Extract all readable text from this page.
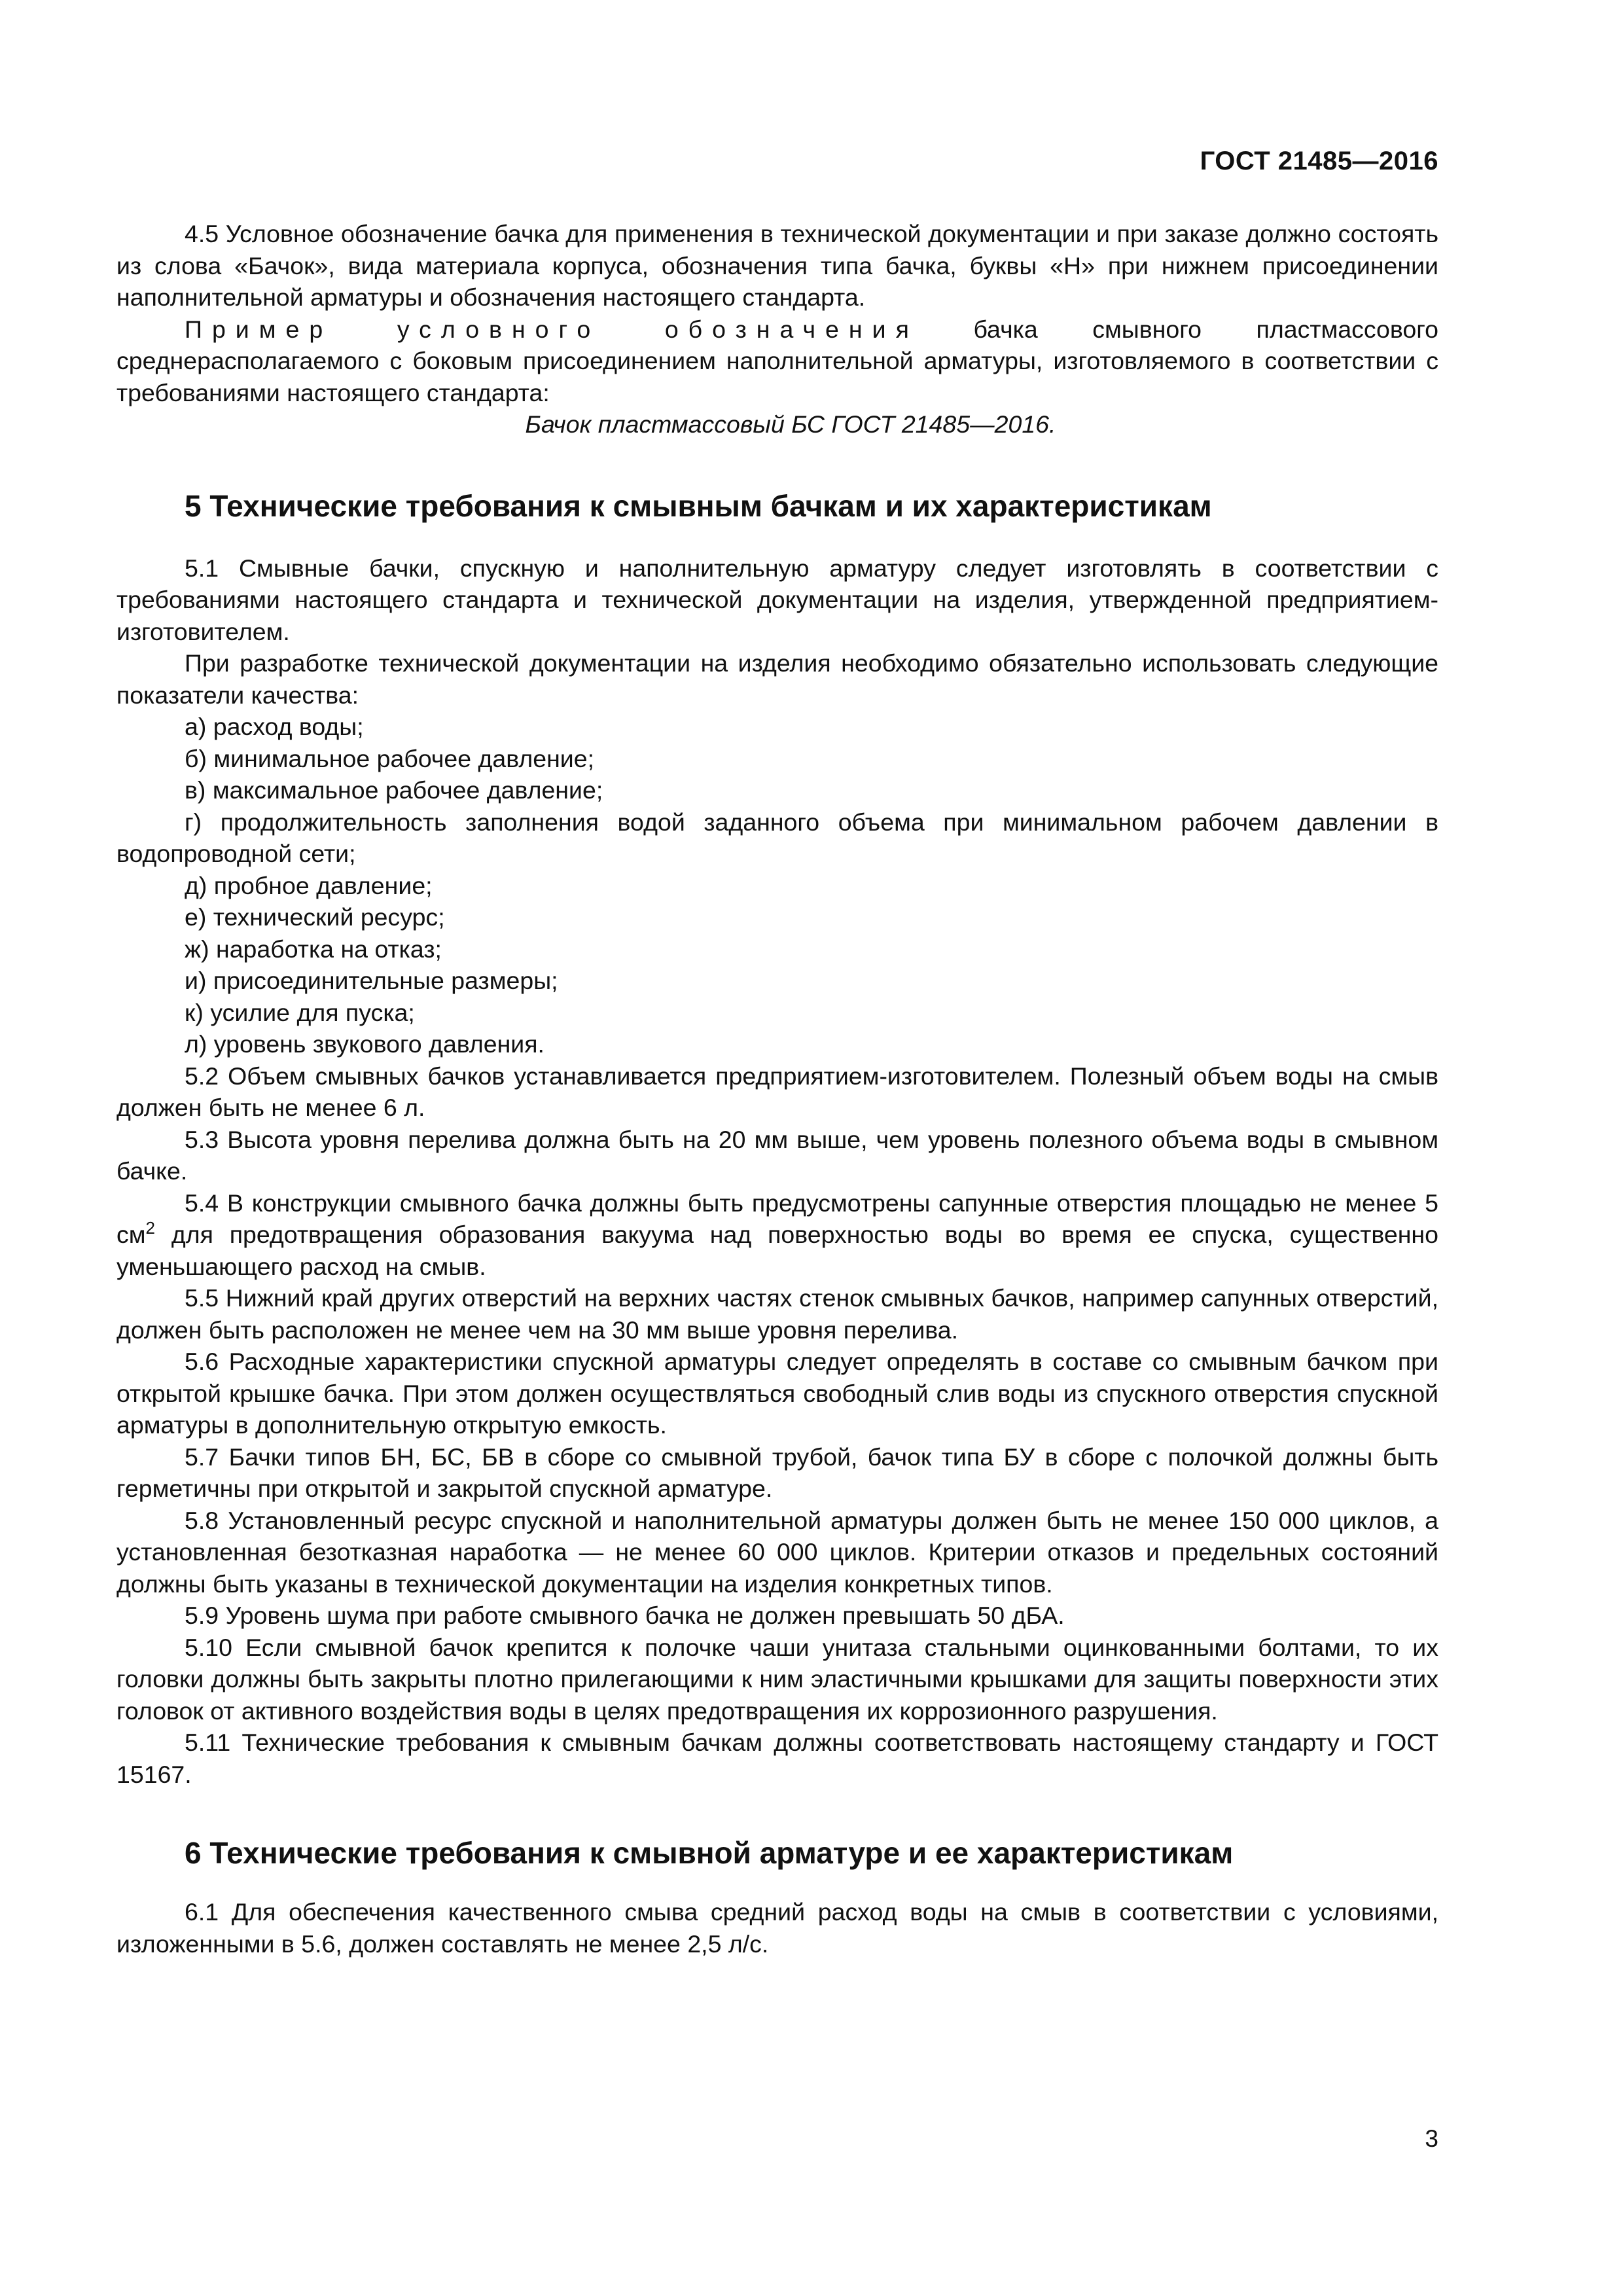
ГОСТ 21485—2016

4.5 Условное обозначение бачка для применения в технической документации и при заказе должно состоять из слова «Бачок», вида материала корпуса, обозначения типа бачка, буквы «Н» при нижнем присоединении наполнительной арматуры и обозначения настоящего стандарта.

Пример условного обозначения бачка смывного пластмассового среднерасполагаемого с боковым присоединением наполнительной арматуры, изготовляемого в соответствии с требованиями настоящего стандарта:

Бачок пластмассовый БС ГОСТ 21485—2016.

5 Технические требования к смывным бачкам и их характеристикам

5.1 Смывные бачки, спускную и наполнительную арматуру следует изготовлять в соответствии с требованиями настоящего стандарта и технической документации на изделия, утвержденной предприятием-изготовителем.

При разработке технической документации на изделия необходимо обязательно использовать следующие показатели качества:

а) расход воды;

б) минимальное рабочее давление;

в) максимальное рабочее давление;

г) продолжительность заполнения водой заданного объема при минимальном рабочем давлении в водопроводной сети;

д) пробное давление;

е) технический ресурс;

ж) наработка на отказ;

и) присоединительные размеры;

к) усилие для пуска;

л) уровень звукового давления.

5.2 Объем смывных бачков устанавливается предприятием-изготовителем. Полезный объем воды на смыв должен быть не менее 6 л.

5.3 Высота уровня перелива должна быть на 20 мм выше, чем уровень полезного объема воды в смывном бачке.

5.4 В конструкции смывного бачка должны быть предусмотрены сапунные отверстия площадью не менее 5 $см^2$ для предотвращения образования вакуума над поверхностью воды во время ее спуска, существенно уменьшающего расход на смыв.

5.5 Нижний край других отверстий на верхних частях стенок смывных бачков, например сапунных отверстий, должен быть расположен не менее чем на 30 мм выше уровня перелива.

5.6 Расходные характеристики спускной арматуры следует определять в составе со смывным бачком при открытой крышке бачка. При этом должен осуществляться свободный слив воды из спускного отверстия спускной арматуры в дополнительную открытую емкость.

5.7 Бачки типов БН, БС, БВ в сборе со смывной трубой, бачок типа БУ в сборе с полочкой должны быть герметичны при открытой и закрытой спускной арматуре.

5.8 Установленный ресурс спускной и наполнительной арматуры должен быть не менее 150 000 циклов, а установленная безотказная наработка — не менее 60 000 циклов. Критерии отказов и предельных состояний должны быть указаны в технической документации на изделия конкретных типов.

5.9 Уровень шума при работе смывного бачка не должен превышать 50 дБА.

5.10 Если смывной бачок крепится к полочке чаши унитаза стальными оцинкованными болтами, то их головки должны быть закрыты плотно прилегающими к ним эластичными крышками для защиты поверхности этих головок от активного воздействия воды в целях предотвращения их коррозионного разрушения.

5.11 Технические требования к смывным бачкам должны соответствовать настоящему стандарту и ГОСТ 15167.

6 Технические требования к смывной арматуре и ее характеристикам

6.1 Для обеспечения качественного смыва средний расход воды на смыв в соответствии с условиями, изложенными в 5.6, должен составлять не менее 2,5 л/с.

3
